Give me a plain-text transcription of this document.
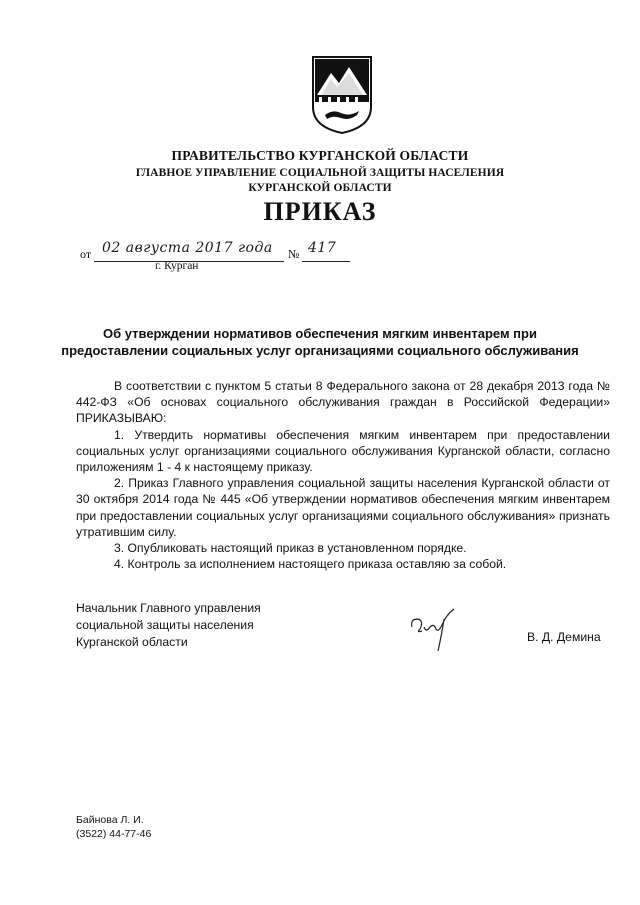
ПРАВИТЕЛЬСТВО КУРГАНСКОЙ ОБЛАСТИ
ГЛАВНОЕ УПРАВЛЕНИЕ СОЦИАЛЬНОЙ ЗАЩИТЫ НАСЕЛЕНИЯ
КУРГАНСКОЙ ОБЛАСТИ
ПРИКАЗ
от 02 августа 2017 года № 417
г. Курган
Об утверждении нормативов обеспечения мягким инвентарем при
предоставлении социальных услуг организациями социального обслуживания

В соответствии с пунктом 5 статьи 8 Федерального закона от 28 декабря 2013 года № 442-ФЗ «Об основах социального обслуживания граждан в Российской Федерации» ПРИКАЗЫВАЮ:

1. Утвердить нормативы обеспечения мягким инвентарем при предоставлении социальных услуг организациями социального обслуживания Курганской области, согласно приложениям 1 - 4 к настоящему приказу.

2. Приказ Главного управления социальной защиты населения Курганской области от 30 октября 2014 года № 445 «Об утверждении нормативов обеспечения мягким инвентарем при предоставлении социальных услуг организациями социального обслуживания» признать утратившим силу.

3. Опубликовать настоящий приказ в установленном порядке.

4. Контроль за исполнением настоящего приказа оставляю за собой.

Начальник Главного управления
социальной защиты населения
Курганской области	В. Д. Демина
Байнова Л. И.
(3522) 44-77-46
